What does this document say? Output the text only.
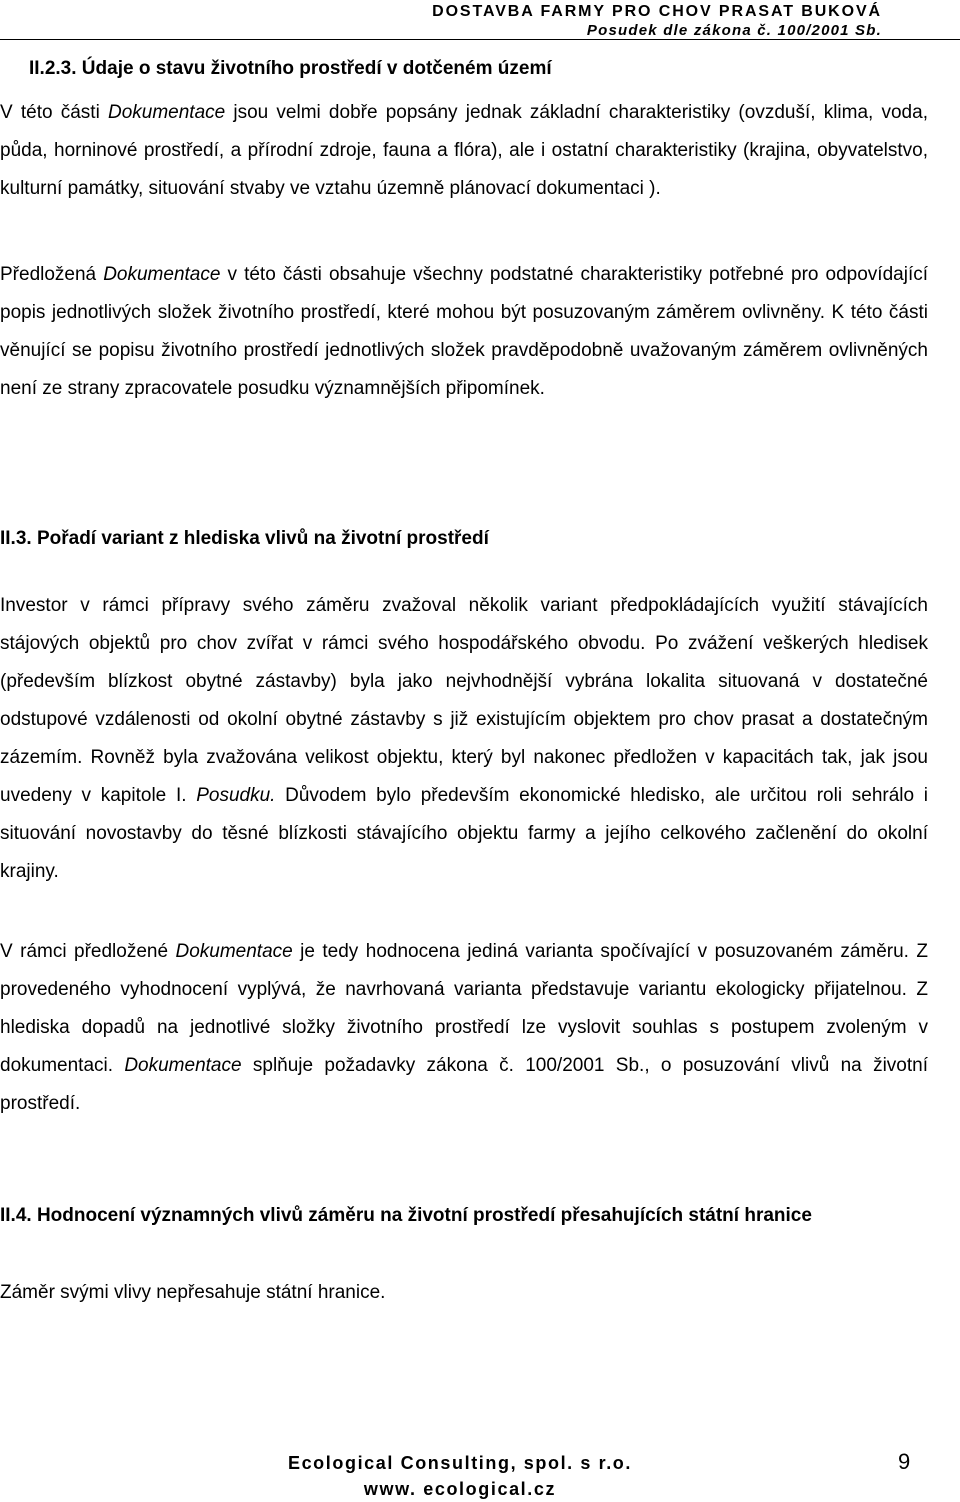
DOSTAVBA FARMY PRO CHOV PRASAT BUKOVÁ
Posudek dle zákona č. 100/2001 Sb.
II.2.3. Údaje o stavu životního prostředí v dotčeném území
V této části Dokumentace jsou velmi dobře popsány jednak základní charakteristiky (ovzduší, klima, voda, půda, horninové prostředí, a přírodní zdroje, fauna a flóra), ale i ostatní charakteristiky (krajina, obyvatelstvo, kulturní památky, situování stvaby ve vztahu územně plánovací dokumentaci ).
Předložená Dokumentace v této části obsahuje všechny podstatné charakteristiky potřebné pro odpovídající popis jednotlivých složek životního prostředí, které mohou být posuzovaným záměrem ovlivněny. K této části věnující se popisu životního prostředí jednotlivých složek pravděpodobně uvažovaným záměrem ovlivněných není ze strany zpracovatele posudku významnějších připomínek.
II.3. Pořadí variant z hlediska vlivů na životní prostředí
Investor v rámci přípravy svého záměru zvažoval několik variant předpokládajících využití stávajících stájových objektů pro chov zvířat v rámci svého hospodářského obvodu. Po zvážení veškerých hledisek (především blízkost obytné zástavby) byla jako nejvhodnější vybrána lokalita situovaná v dostatečné odstupové vzdálenosti od okolní obytné zástavby s již existujícím objektem pro chov prasat a dostatečným zázemím. Rovněž byla zvažována velikost objektu, který byl nakonec předložen v kapacitách tak, jak jsou uvedeny v kapitole I. Posudku. Důvodem bylo především ekonomické hledisko, ale určitou roli sehrálo i situování novostavby do těsné blízkosti stávajícího objektu farmy a jejího celkového začlenění do okolní krajiny.
V rámci předložené Dokumentace je tedy hodnocena jediná varianta spočívající v posuzovaném záměru. Z provedeného vyhodnocení vyplývá, že navrhovaná varianta představuje variantu ekologicky přijatelnou. Z hlediska dopadů na jednotlivé složky životního prostředí lze vyslovit souhlas s postupem zvoleným v dokumentaci. Dokumentace splňuje požadavky zákona č. 100/2001 Sb., o posuzování vlivů na životní prostředí.
II.4. Hodnocení významných vlivů záměru na životní prostředí přesahujících státní hranice
Záměr svými vlivy nepřesahuje státní hranice.
Ecological Consulting, spol. s r.o.
www. ecological.cz
9
